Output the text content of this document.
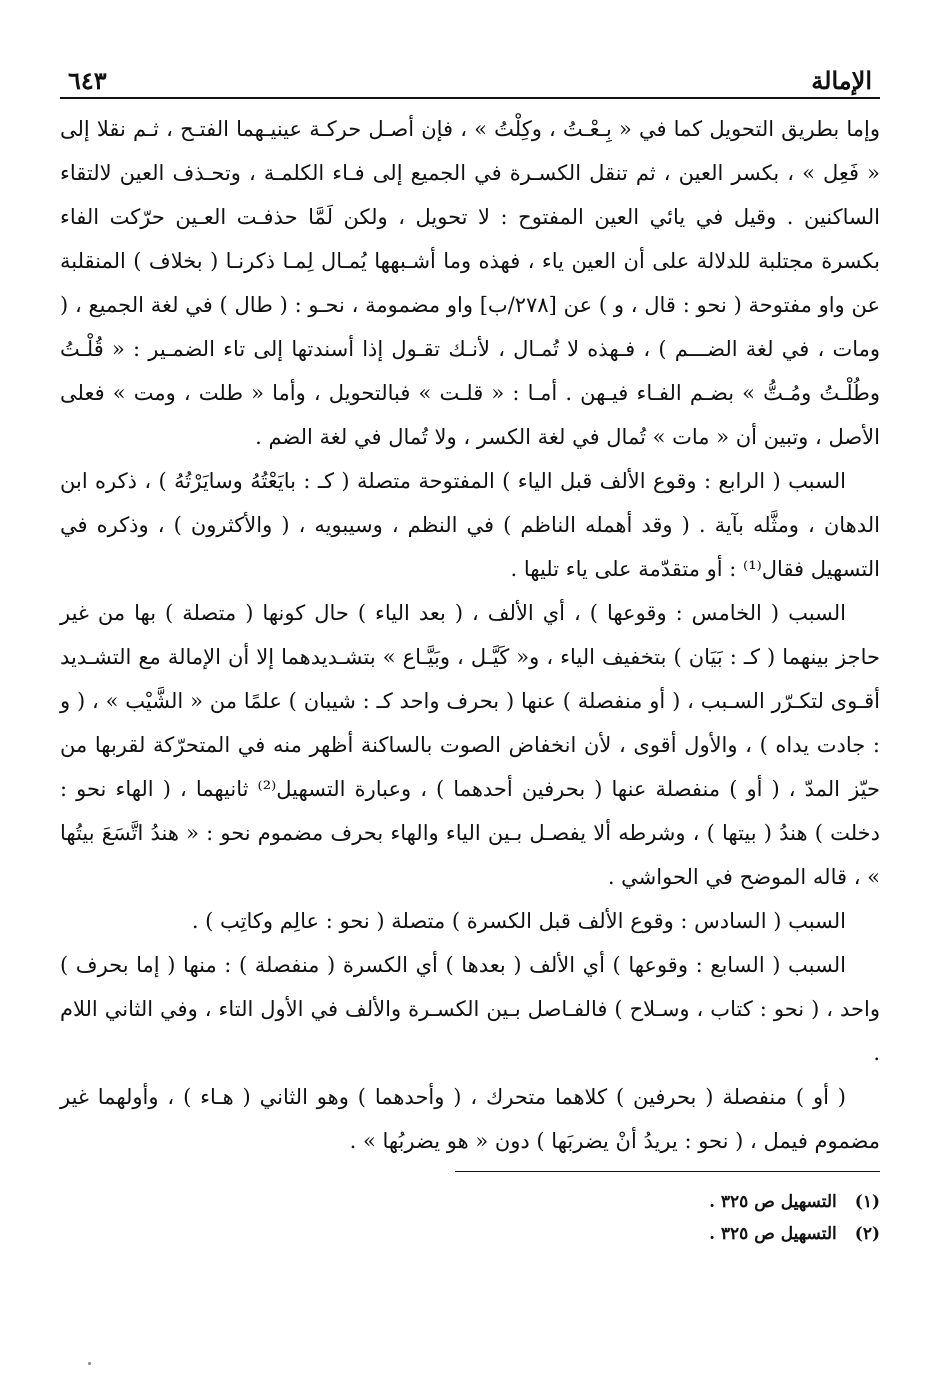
الإمالة
٦٤٣

وإما بطريق التحويل كما في « بِـعْـتُ ، وكِلْتُ » ، فإن أصـل حركـة عينيـهما الفتـح ، ثـم نقلا إلى « فَعِل » ، بكسر العين ، ثم تنقل الكسـرة في الجميع إلى فـاء الكلمـة ، وتحـذف العين لالتقاء الساكنين . وقيل في يائي العين المفتوح : لا تحويل ، ولكن لَمَّا حذفـت العـين حرّكت الفاء بكسرة مجتلبة للدلالة على أن العين ياء ، فهذه وما أشـبهها يُمـال لِمـا ذكرنـا ( بخلاف ) المنقلبة عن واو مفتوحة ( نحو : قال ، و ) عن [٢٧٨/ب] واو مضمومة ، نحـو : ( طال ) في لغة الجميع ، ( ومات ، في لغة الضـــم ) ، فـهذه لا تُمـال ، لأنـك تقـول إذا أسندتها إلى تاء الضمـير : « قُلْـتُ وطُلْـتُ ومُـتُّ » بضـم الفـاء فيـهن . أمـا : « قلـت » فبالتحويل ، وأما « طلت ، ومت » فعلى الأصل ، وتبين أن « مات » تُمال في لغة الكسر ، ولا تُمال في لغة الضم .

السبب ( الرابع : وقوع الألف قبل الياء ) المفتوحة متصلة ( كـ : بايَعْتُهُ وسايَرْتُهُ ) ، ذكره ابن الدهان ، ومثَّله بآية . ( وقد أهمله الناظم ) في النظم ، وسيبويه ، ( والأكثرون ) ، وذكره في التسهيل فقال⁽¹⁾ : أو متقدّمة على ياء تليها .

السبب ( الخامس : وقوعها ) ، أي الألف ، ( بعد الياء ) حال كونها ( متصلة ) بها من غير حاجز بينهما ( كـ : بَيَان ) بتخفيف الياء ، و« كَيَّـل ، وبَيَّـاع » بتشـديدهما إلا أن الإمالة مع التشـديد أقـوى لتكـرّر السـبب ، ( أو منفصلة ) عنها ( بحرف واحد كـ : شيبان ) علمًا من « الشَّيْب » ، ( و : جادت يداه ) ، والأول أقوى ، لأن انخفاض الصوت بالساكنة أظهر منه في المتحرّكة لقربها من حيّز المدّ ، ( أو ) منفصلة عنها ( بحرفين أحدهما ) ، وعبارة التسهيل⁽²⁾ ثانيهما ، ( الهاء نحو : دخلت ) هندُ ( بيتها ) ، وشرطه ألا يفصـل بـين الياء والهاء بحرف مضموم نحو : « هندُ اتَّسَعَ بيتُها » ، قاله الموضح في الحواشي .

السبب ( السادس : وقوع الألف قبل الكسرة ) متصلة ( نحو : عالِم وكاتِب ) .

السبب ( السابع : وقوعها ) أي الألف ( بعدها ) أي الكسرة ( منفصلة ) : منها ( إما بحرف ) واحد ، ( نحو : كتاب ، وسـلاح ) فالفـاصل بـين الكسـرة والألف في الأول التاء ، وفي الثاني اللام .

( أو ) منفصلة ( بحرفين ) كلاهما متحرك ، ( وأحدهما ) وهو الثاني ( هـاء ) ، وأولهما غير مضموم فيمل ، ( نحو : يريدُ أنْ يضربَها ) دون « هو يضربُها » .

(١)
التسهيل ص ٣٢٥ .
(٢)
التسهيل ص ٣٢٥ .
